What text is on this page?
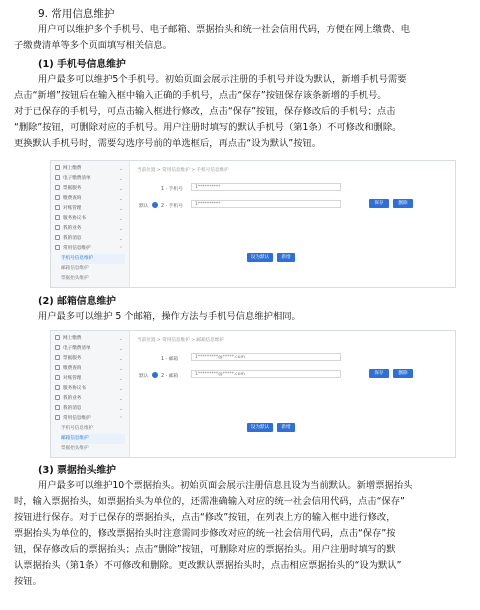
9. 常用信息维护
用户可以维护多个手机号、电子邮箱、票据抬头和统一社会信用代码，方便在网上缴费、电
子缴费清单等多个页面填写相关信息。
(1) 手机号信息维护
用户最多可以维护5个手机号。初始页面会展示注册的手机号并设为默认，新增手机号需要
点击“新增”按钮后在输入框中输入正确的手机号，点击“保存”按钮保存该条新增的手机号。
对于已保存的手机号，可点击输入框进行修改，点击“保存”按钮，保存修改后的手机号；点击
“删除”按钮，可删除对应的手机号。用户注册时填写的默认手机号（第1条）不可修改和删除。
更换默认手机号时，需要勾选序号前的单选框后，再点击“设为默认”按钮。
网上缴费	⌄
电子缴费清单	⌄
票据服务	⌄
缴费查询	⌄
对账管理	⌄
服务协议书	⌄
我的业务	⌄
我的消息	⌄
常用信息维护	⌃
手机号信息维护
邮箱信息维护
票据抬头维护
当前位置 > 常用信息维护 > 手机号信息维护
1 · 手机号	1**********
默认	2 · 手机号	1**********	保存	删除
设为默认	新增
(2) 邮箱信息维护
用户最多可以维护 5 个邮箱，操作方法与手机号信息维护相同。
网上缴费	⌄
电子缴费清单	⌄
票据服务	⌄
缴费查询	⌄
对账管理	⌄
服务协议书	⌄
我的业务	⌄
我的消息	⌄
常用信息维护	⌃
手机号信息维护
邮箱信息维护
票据抬头维护
当前位置 > 常用信息维护 > 邮箱信息维护
1 · 邮箱	1*********@*****.com
默认	2 · 邮箱	1*********@*****.com	保存	删除
设为默认	新增
(3) 票据抬头维护
用户最多可以维护10个票据抬头。初始页面会展示注册信息且设为当前默认。新增票据抬头
时，输入票据抬头，如票据抬头为单位的，还需准确输入对应的统一社会信用代码，点击“保存”
按钮进行保存。对于已保存的票据抬头，点击“修改”按钮，在列表上方的输入框中进行修改，
票据抬头为单位的，修改票据抬头时注意需同步修改对应的统一社会信用代码，点击“保存”按
钮，保存修改后的票据抬头；点击“删除”按钮，可删除对应的票据抬头。用户注册时填写的默
认票据抬头（第1条）不可修改和删除。更改默认票据抬头时，点击相应票据抬头的“设为默认”
按钮。
